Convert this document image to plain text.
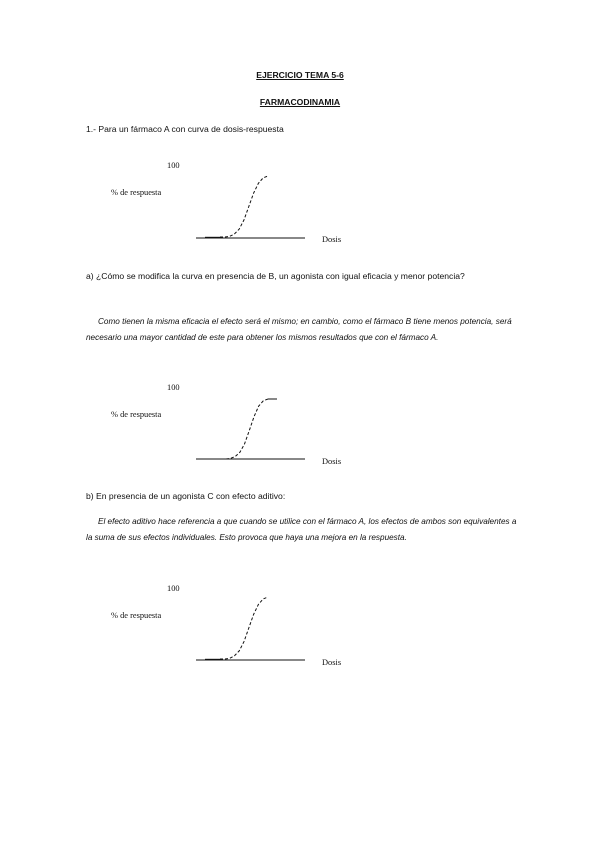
EJERCICIO TEMA 5-6
FARMACODINAMIA
1.- Para un fármaco A con curva de dosis-respuesta
100
% de respuesta
Dosis
a) ¿Cómo se modifica la curva en presencia de B, un agonista con igual eficacia y menor potencia?
Como tienen la misma eficacia el efecto será el mismo; en cambio, como el fármaco B tiene menos potencia, será necesario una mayor cantidad de este para obtener los mismos resultados que con el fármaco A.
100
% de respuesta
Dosis
b) En presencia de un agonista C con efecto aditivo:
El efecto aditivo hace referencia a que cuando se utilice con el fármaco A, los efectos de ambos son equivalentes a la suma de sus efectos individuales. Esto provoca que haya una mejora en la respuesta.
100
% de respuesta
Dosis
